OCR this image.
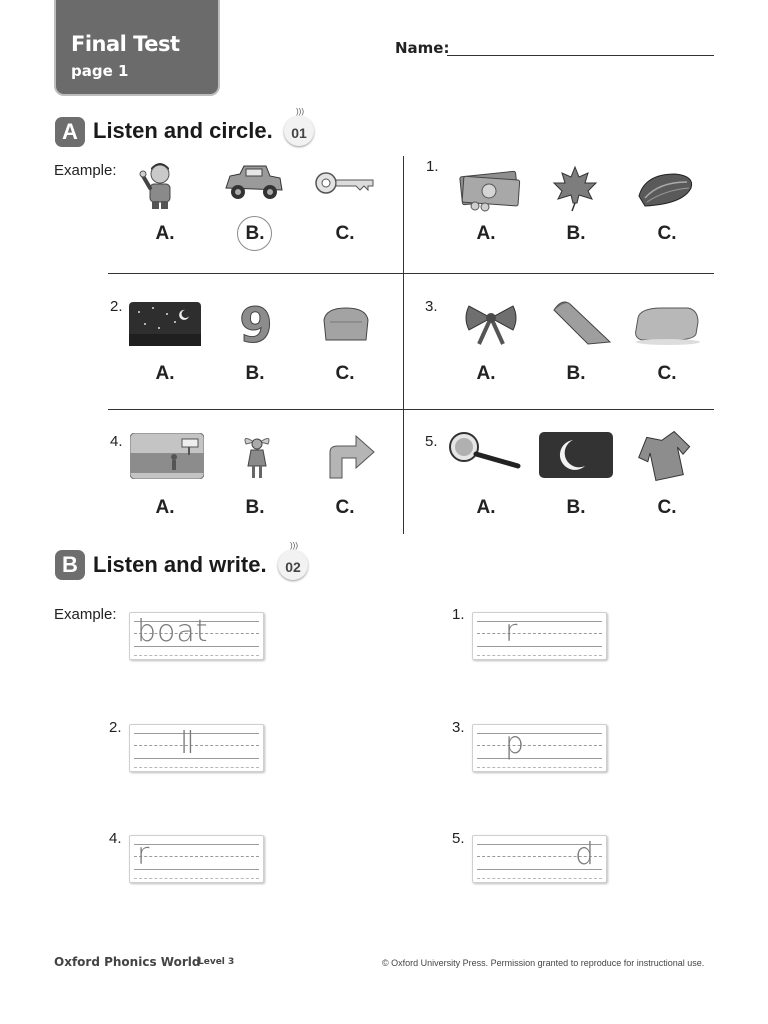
Final Test
page 1
Name:
A Listen and circle.
)))
01
Example:
A.	B.	C.
1.
A.	B.	C.
2. 9
A.	B.	C.
3.
A.	B.	C.
4.
A.	B.	C.
5.
A.	B.	C.
B Listen and write.
)))
02
Example: boat	1. r
2. ll	3. p
4. r	5.	d
Oxford Phonics World
Level 3	© Oxford University Press. Permission granted to reproduce for instructional use.
